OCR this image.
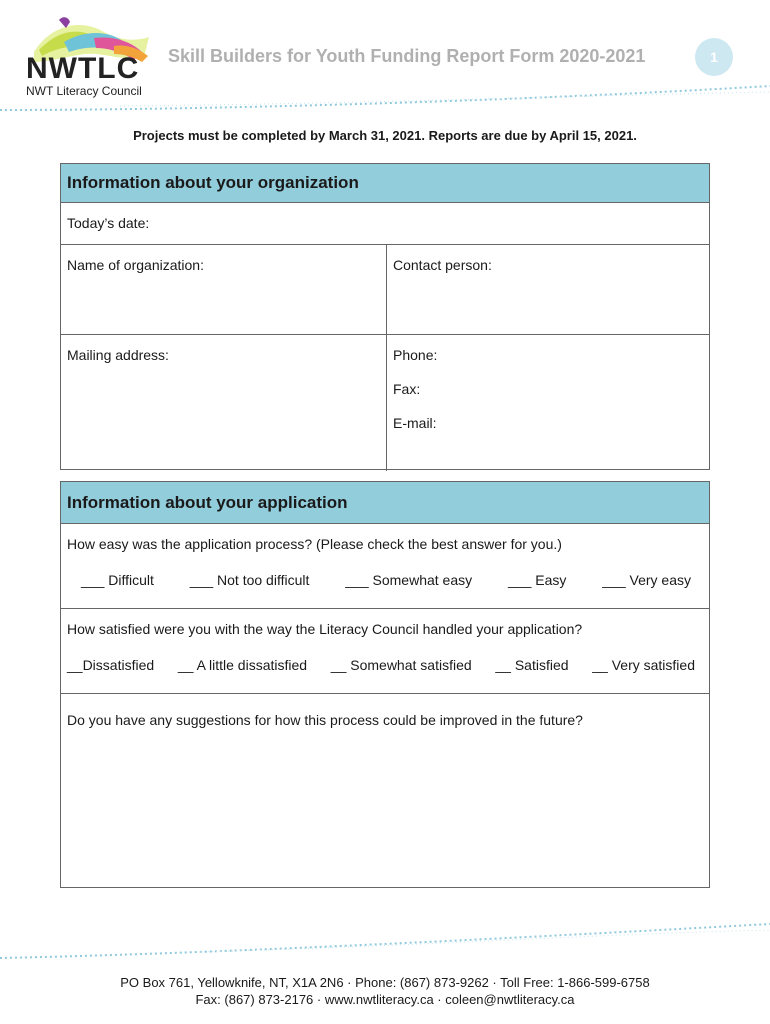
NWTLC
NWT Literacy Council
Skill Builders for Youth Funding Report Form 2020-2021	1
Projects must be completed by March 31, 2021. Reports are due by April 15, 2021.
Information about your organization
Today’s date:
Name of organization:	Contact person:
Mailing address:	Phone:
Fax:
E-mail:
Information about your application
How easy was the application process? (Please check the best answer for you.)
___ Difficult	___ Not too difficult	___ Somewhat easy	___ Easy	___ Very easy
How satisfied were you with the way the Literacy Council handled your application?
__Dissatisfied __ A little dissatisfied __ Somewhat satisfied __ Satisfied __ Very satisfied
Do you have any suggestions for how this process could be improved in the future?
PO Box 761, Yellowknife, NT, X1A 2N6 · Phone: (867) 873-9262 · Toll Free: 1-866-599-6758
Fax: (867) 873-2176 · www.nwtliteracy.ca · coleen@nwtliteracy.ca
